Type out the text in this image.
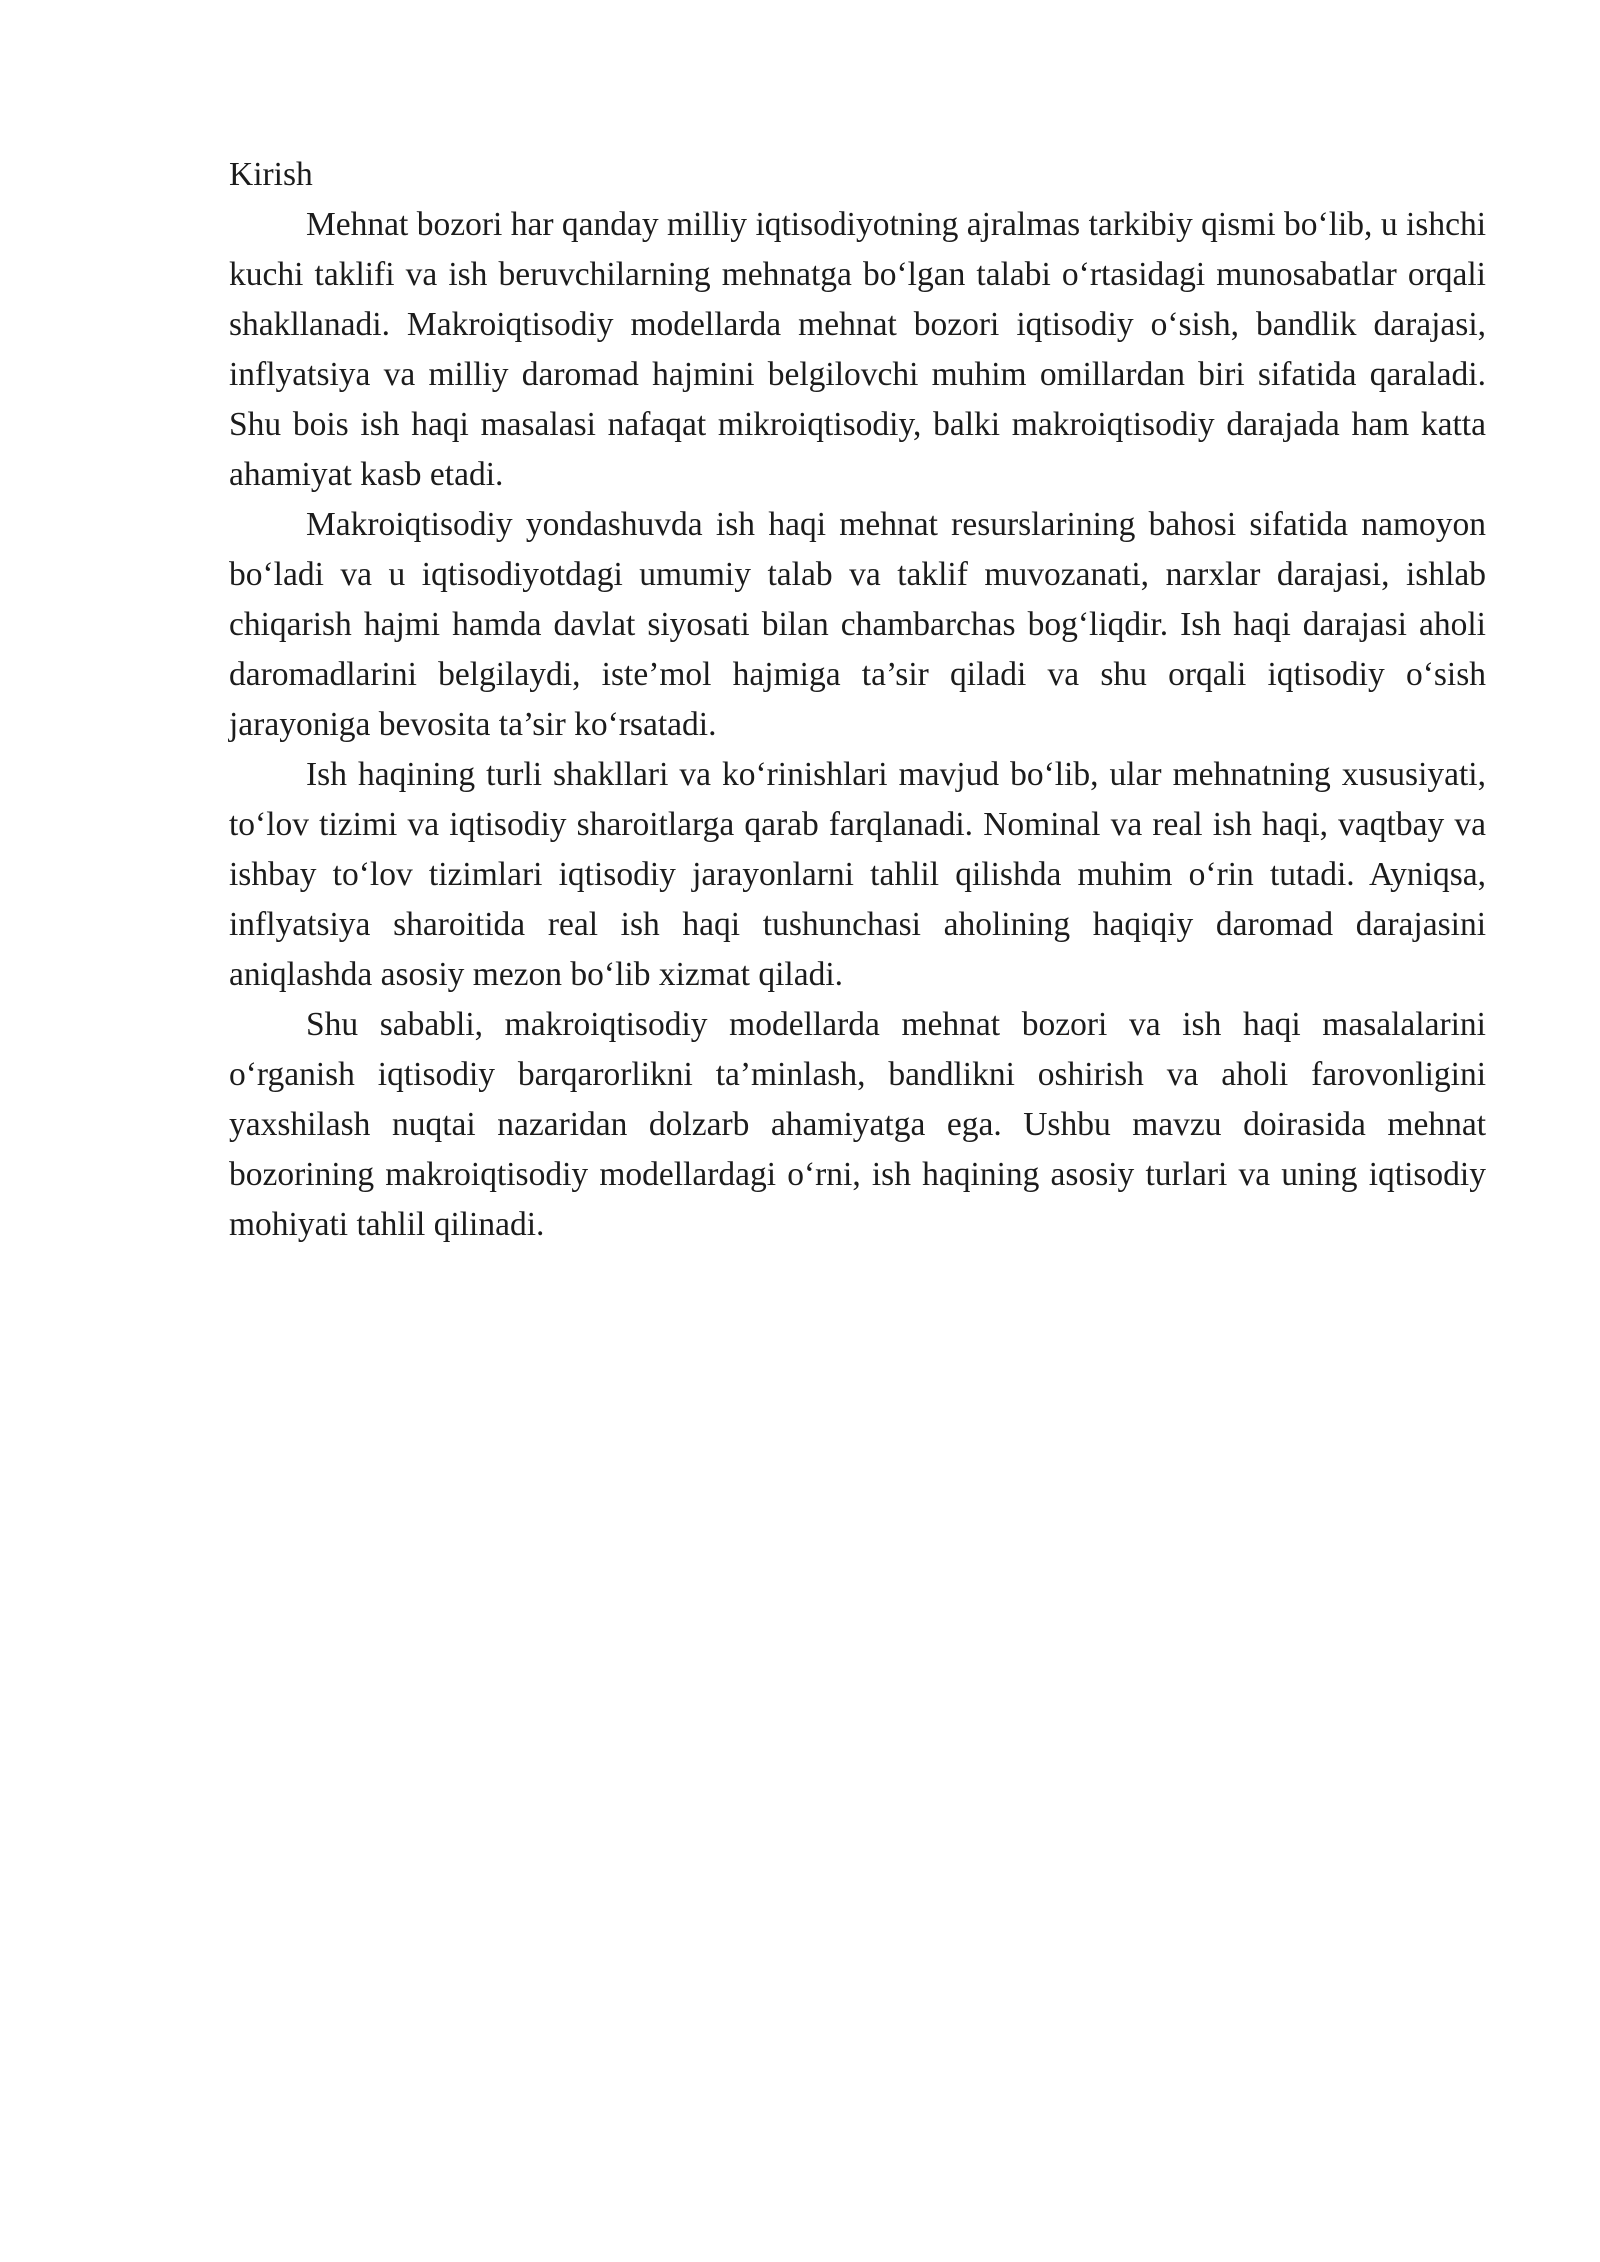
Kirish

Mehnat bozori har qanday milliy iqtisodiyotning ajralmas tarkibiy qismi bo‘lib, u ishchi kuchi taklifi va ish beruvchilarning mehnatga bo‘lgan talabi o‘rtasidagi munosabatlar orqali shakllanadi. Makroiqtisodiy modellarda mehnat bozori iqtisodiy o‘sish, bandlik darajasi, inflyatsiya va milliy daromad hajmini belgilovchi muhim omillardan biri sifatida qaraladi. Shu bois ish haqi masalasi nafaqat mikroiqtisodiy, balki makroiqtisodiy darajada ham katta ahamiyat kasb etadi.

Makroiqtisodiy yondashuvda ish haqi mehnat resurslarining bahosi sifatida namoyon bo‘ladi va u iqtisodiyotdagi umumiy talab va taklif muvozanati, narxlar darajasi, ishlab chiqarish hajmi hamda davlat siyosati bilan chambarchas bog‘liqdir. Ish haqi darajasi aholi daromadlarini belgilaydi, iste’mol hajmiga ta’sir qiladi va shu orqali iqtisodiy o‘sish jarayoniga bevosita ta’sir ko‘rsatadi.

Ish haqining turli shakllari va ko‘rinishlari mavjud bo‘lib, ular mehnatning xususiyati, to‘lov tizimi va iqtisodiy sharoitlarga qarab farqlanadi. Nominal va real ish haqi, vaqtbay va ishbay to‘lov tizimlari iqtisodiy jarayonlarni tahlil qilishda muhim o‘rin tutadi. Ayniqsa, inflyatsiya sharoitida real ish haqi tushunchasi aholining haqiqiy daromad darajasini aniqlashda asosiy mezon bo‘lib xizmat qiladi.

Shu sababli, makroiqtisodiy modellarda mehnat bozori va ish haqi masalalarini o‘rganish iqtisodiy barqarorlikni ta’minlash, bandlikni oshirish va aholi farovonligini yaxshilash nuqtai nazaridan dolzarb ahamiyatga ega. Ushbu mavzu doirasida mehnat bozorining makroiqtisodiy modellardagi o‘rni, ish haqining asosiy turlari va uning iqtisodiy mohiyati tahlil qilinadi.
